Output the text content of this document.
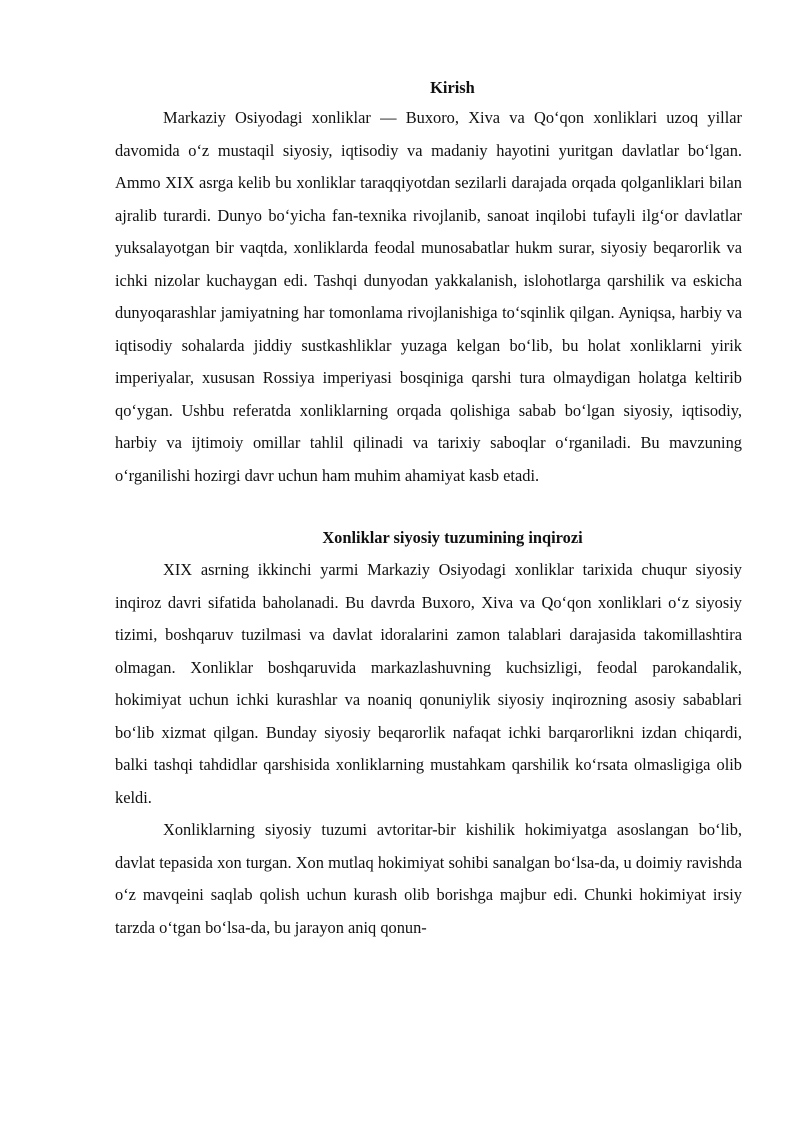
Kirish

Markaziy Osiyodagi xonliklar — Buxoro, Xiva va Qo‘qon xonliklari uzoq yillar davomida o‘z mustaqil siyosiy, iqtisodiy va madaniy hayotini yuritgan davlatlar bo‘lgan. Ammo XIX asrga kelib bu xonliklar taraqqiyotdan sezilarli darajada orqada qolganliklari bilan ajralib turardi. Dunyo bo‘yicha fan-texnika rivojlanib, sanoat inqilobi tufayli ilg‘or davlatlar yuksalayotgan bir vaqtda, xonliklarda feodal munosabatlar hukm surar, siyosiy beqarorlik va ichki nizolar kuchaygan edi. Tashqi dunyodan yakkalanish, islohotlarga qarshilik va eskicha dunyoqarashlar jamiyatning har tomonlama rivojlanishiga to‘sqinlik qilgan. Ayniqsa, harbiy va iqtisodiy sohalarda jiddiy sustkashliklar yuzaga kelgan bo‘lib, bu holat xonliklarni yirik imperiyalar, xususan Rossiya imperiyasi bosqiniga qarshi tura olmaydigan holatga keltirib qo‘ygan. Ushbu referatda xonliklarning orqada qolishiga sabab bo‘lgan siyosiy, iqtisodiy, harbiy va ijtimoiy omillar tahlil qilinadi va tarixiy saboqlar o‘rganiladi. Bu mavzuning o‘rganilishi hozirgi davr uchun ham muhim ahamiyat kasb etadi.

Xonliklar siyosiy tuzumining inqirozi

XIX asrning ikkinchi yarmi Markaziy Osiyodagi xonliklar tarixida chuqur siyosiy inqiroz davri sifatida baholanadi. Bu davrda Buxoro, Xiva va Qo‘qon xonliklari o‘z siyosiy tizimi, boshqaruv tuzilmasi va davlat idoralarini zamon talablari darajasida takomillashtira olmagan. Xonliklar boshqaruvida markazlashuvning kuchsizligi, feodal parokandalik, hokimiyat uchun ichki kurashlar va noaniq qonuniylik siyosiy inqirozning asosiy sabablari bo‘lib xizmat qilgan. Bunday siyosiy beqarorlik nafaqat ichki barqarorlikni izdan chiqardi, balki tashqi tahdidlar qarshisida xonliklarning mustahkam qarshilik ko‘rsata olmasligiga olib keldi.

Xonliklarning siyosiy tuzumi avtoritar-bir kishilik hokimiyatga asoslangan bo‘lib, davlat tepasida xon turgan. Xon mutlaq hokimiyat sohibi sanalgan bo‘lsa-da, u doimiy ravishda o‘z mavqeini saqlab qolish uchun kurash olib borishga majbur edi. Chunki hokimiyat irsiy tarzda o‘tgan bo‘lsa-da, bu jarayon aniq qonun-
